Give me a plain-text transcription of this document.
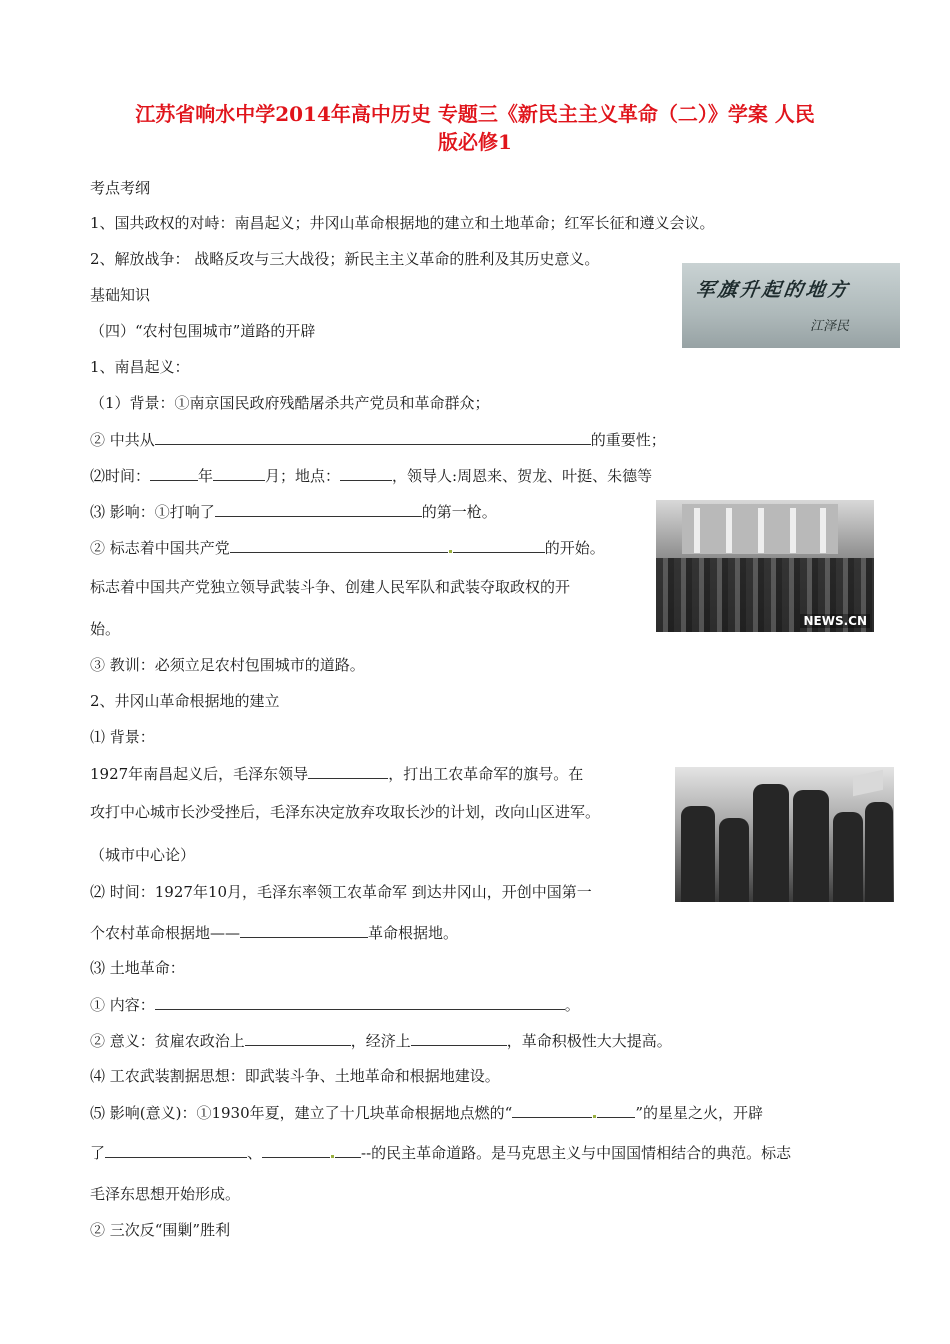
江苏省响水中学2014年高中历史 专题三《新民主主义革命（二）》学案 人民
版必修1
考点考纲
1、国共政权的对峙：南昌起义；井冈山革命根据地的建立和土地革命；红军长征和遵义会议。
2、解放战争： 战略反攻与三大战役；新民主主义革命的胜利及其历史意义。
基础知识
（四）“农村包围城市”道路的开辟
1、南昌起义：
（1）背景：①南京国民政府残酷屠杀共产党员和革命群众；
② 中共从	的重要性；
⑵时间：	年	月；地点：	，领导人:周恩来、贺龙、叶挺、朱德等
⑶ 影响：①打响了	的第一枪。
② 标志着中国共产党	的开始。
标志着中国共产党独立领导武装斗争、创建人民军队和武装夺取政权的开
始。
③ 教训：必须立足农村包围城市的道路。
2、井冈山革命根据地的建立
⑴ 背景：
1927年南昌起义后，毛泽东领导	，打出工农革命军的旗号。在
攻打中心城市长沙受挫后，毛泽东决定放弃攻取长沙的计划，改向山区进军。
（城市中心论）
⑵ 时间：1927年10月，毛泽东率领工农革命军 到达井冈山，开创中国第一
个农村革命根据地——	革命根据地。
⑶ 土地革命：
① 内容：	。
② 意义：贫雇农政治上	，经济上	，革命积极性大大提高。
⑷ 工农武装割据思想：即武装斗争、土地革命和根据地建设。
⑸ 影响(意义)：①1930年夏，建立了十几块革命根据地点燃的“	”的星星之火，开辟
了	、	--的民主革命道路。是马克思主义与中国国情相结合的典范。标志
毛泽东思想开始形成。
② 三次反“围剿”胜利
军旗升起的地方
江泽民
NEWS.CN
